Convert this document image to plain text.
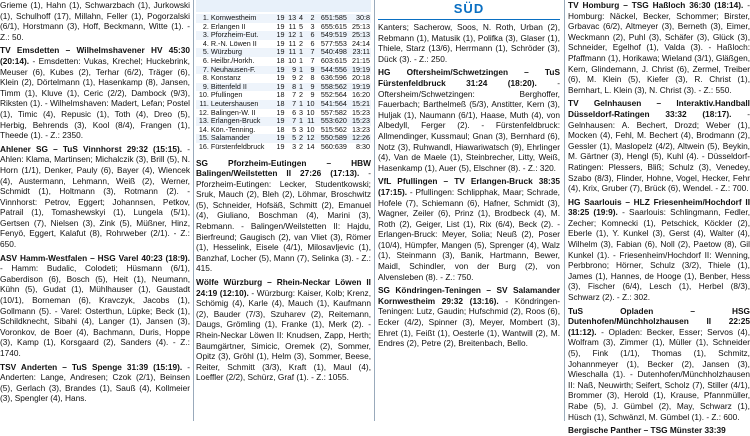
Grieme (1), Hahn (1), Schwarzbach (1), Jurkowski (1), Schulhoff (17), Millahn, Feller (1), Pogorzalski (6/1), Horstmann (3), Hoff, Beckmann, Witte (1). - Z.: 50.

TV Emsdetten – Wilhelmshavener HV 45:30 (20:14). - Emsdetten: Vukas, Krechel; Huckebrink, Meuser (6), Kubes (2), Terhar (6/2), Träger (6), Klein (2), Dörtelmann (1), Hasenkamp (8), Jansen, Timm (1), Kluve (1), Ceric (2/2), Dambock (9/3), Riksten (1). - Wilhelmshaven: Madert, Lefan; Postel (1), Timic (4), Repusic (1), Toth (4), Dreo (5), Herbig, Behrends (3), Kool (8/4), Frangen (1), Theede (1). - Z.: 2350.

Ahlener SG – TuS Vinnhorst 29:32 (15:15). - Ahlen: Klama, Martinsen; Michalczik (3), Brill (5), N. Horn (1/1), Denker, Pauly (6), Bayer (4), Wiencek (4), Austermann, Lehmann, Weiß (2), Werner, Schmidt (1), Holtmann (3), Rotmann (2). - Vinnhorst: Petrov, Eggert; Johannsen, Petkov, Patrail (1), Tomashewskyi (1), Lungela (5/1), Gertsen (7), Nielsen (3), Zink (5), Müßner, Hinz, Fenyö, Eggert, Kalafut (8), Rohrweber (2/1). - Z.: 650.

ASV Hamm-Westfalen – HSG Varel 40:23 (18:9). - Hamm: Budalic, Colodeti; Hüsmann (6/1), Gaberdison (6), Bosch (5), Heit (1), Neumann, Kühn (5), Gudat (1), Mühlhauser (1), Gaustadt (10/1), Borneman (6), Kravczyk, Jacobs (1), Gollmann (5). - Varel: Osterthun, Lüpke; Beck (1), Schildknecht, Sibahi (4), Langer (1), Jansen (3), Voronkov, de Boer (4), Bachmann, Duris, Hoppe (3), Kamp (1), Korsgaard (2), Sanders (4). - Z.: 1740.

TSV Anderten – TuS Spenge 31:39 (15:19). - Anderten: Lange, Andresen; Czok (2/1), Beinsen (5), Gerlach (3), Brandes (1), Sauß (4), Kollmeier (3), Spengler (4), Hans.

1.	Kornwestheim	19	13	4	2	651:585	30:8
2.	Erlangen II	19	11	5	3	655:615	25:13
3.	Pforzheim-Eut.	19	12	1	6	549:519	25:13
4.	R.-N. Löwen II	19	11	2	6	577:553	24:14
5.	Würzburg	19	11	1	7	540:498	23:11
6.	Heilbr./Horkh.	18	10	1	7	603:615	21:15
7.	Neuhausen-F.	19	9	1	9	544:556	19:19
8.	Konstanz	19	9	2	8	636:596	20:18
9.	Bittenfeld II	19	8	1	9	558:562	19:19
10.	Pfullingen	18	7	2	9	552:564	16:20
11.	Leutershausen	18	7	1	10	541:564	15:21
12.	Balingen-W. II	19	6	3	10	557:582	15:23
13.	Erlangen-Bruck	19	7	1	11	553:620	15:23
14.	Kön.-Tenning.	18	5	3	10	515:562	13:23
15.	Salamander	19	5	2	12	550:589	12:26
16.	Fürstenfeldbruck	19	3	2	14	560:639	8:30

SG Pforzheim-Eutingen – HBW Balingen/Weilstetten II 27:26 (17:13). - Pforzheim-Eutingen: Lecker, Studentkowski; Sruk, Mauch (2), Bleh (2), Löhmar, Broschwitz (5), Schneider, Hofsäß, Schmitt (2), Emanuel (4), Giuliano, Boschman (4), Marini (3), Rebmann. - Balingen/Weilstetten II: Hajdu, Bierfreund; Gaugisch (2), van Vliet (3), Römer (1), Hesselink, Eisele (4/1), Milosavljevic (1), Banzhaf, Locher (5), Mann (7), Selinka (3). - Z.: 415.

Wölfe Würzburg – Rhein-Neckar Löwen II 24:19 (12:10). - Würzburg: Kaiser, Kolb; Krenz, Schömig (4), Karle (4), Mauch (1), Kaufmann (2), Bauder (7/3), Szuharev (2), Reitemann, Daugs, Grömling (1), Franke (1), Merk (2). - Rhein-Neckar Löwen II: Knudsen, Zapp, Herth; Baumgärtner, Simicic, Oremek (2), Sommer, Opitz (3), Gröhl (1), Helm (3), Sommer, Beese, Reiter, Schmitt (3/3), Kraft (1), Maul (4), Loeffler (2/2), Schürz, Graf (1). - Z.: 1055.

SÜD

Kanters; Sacherow, Soos, N. Roth, Urban (2), Rebmann (1), Matusik (1), Polifka (3), Glaser (1), Thiele, Starz (13/6), Herrmann (1), Schröder (3), Dück (3). - Z.: 250.

HG Oftersheim/Schwetzingen – TuS Fürstenfeldbruck 31:24 (18:20). - Oftersheim/Schwetzingen: Berghoffer, Fauerbach; Barthelmeß (5/3), Anstitter, Kern (3), Huljak (1), Naumann (6/1), Haase, Muth (4), von Albedyll, Ferger (2). - Fürstenfeldbruck: Allmendinger, Kussmaul; Gnan (3), Bernhard (6), Notz (3), Ruhwandl, Hiawariwatsch (9), Ehrlinger (4), Van de Maele (1), Steinbrecher, Litty, Weiß, Hasenkamp (1), Auer (5), Elschner (8). - Z.: 320.

VfL Pfullingen – TV Erlangen-Bruck 38:35 (17:15). - Pfullingen: Schlipphak, Maar; Schrade, Hofele (7), Schiemann (6), Hafner, Schmidt (3), Wagner, Zeiler (6), Prinz (1), Brodbeck (4), M. Roth (2), Geiger, List (1), Rix (6/4), Beck (2). - Erlangen-Bruck: Meyer, Solia; Neuß (2), Poser (10/4), Hümpfer, Mangen (5), Sprenger (4), Walz (1), Steinmann (3), Banik, Hartmann, Bewer, Maidl, Schindler, von der Burg (2), von Alvensleben (8). - Z.: 750.

SG Köndringen-Teningen – SV Salamander Kornwestheim 29:32 (13:16). - Köndringen-Teningen: Lutz, Gaudin; Hufschmid (2), Roos (6), Ecker (4/2), Spinner (3), Meyer, Mombert (3), Ehret (1), Feißt (1), Oesterle (1), Wantwill (2), M. Endres (2), Petre (2), Breitenbach, Bello.

TV Homburg – TSG Haßloch 36:30 (18:14). - Homburg: Näckel, Becker, Schommer; Birster, Grbavac (6/2), Altmeyer (3), Berneth (3), Eimer, Weckmann (2), Puhl (3), Schäfer (3), Glück (3), Schneider, Egelhof (1), Valda (3). - Haßloch: Pfaffmann (1), Horikawa; Wieland (3/1), Gläßgen, Kern, Glindemann, J. Christ (6), Zermel, Treiber (6), M. Klein (5), Kiefer (3), R. Christ (1), Bernhart, L. Klein (3), N. Christ (3). - Z.: 550.

TV Gelnhausen – Interaktiv.Handball Düsseldorf-Ratingen 33:32 (18:17). - Gelnhausen: A. Bechert, Drozd; Weber (1), Mocken (4), Fehl, M. Bechert (4), Brodmann (2), Gessler (1), Maslopelz (4/2), Altwein (5), Beykin, M. Gärtner (3), Hengl (5), Kuhl (4). - Düsseldorf-Ratingen: Plessers, Bliß; Schulz (3), Venedey, Szabo (8/3), Flinder, Hohne, Vogel, Hecker, Fehr (4), Krix, Gruber (7), Brück (6), Wendel. - Z.: 700.

HG Saarlouis – HLZ Friesenheim/Hochdorf II 38:25 (19:9). - Saarlouis: Schlingmann, Fedler, Zecher; Komnecki (1), Petschick, Köckler (2), Eberle (1), Y. Kunkel (3), Gerst (4), Walter (4), Wilhelm (3), Fabian (6), Noll (2), Paetow (8), Gil Kunkel (1). - Friesenheim/Hochdorf II: Wenning, Perbbrono; Hörner, Schulz (3/2), Thiele (1), James (1), Hannes, de Hooge (1), Benber, Hess (3), Fischer (6/4), Lesch (1), Herbel (8/3), Schwarz (2). - Z.: 302.

TuS Opladen – HSG Dutenhofen/Münchholzhausen II 22:25 (11:12). - Opladen: Becker, Esser; Servos (4), Wolfram (3), Zimmer (1), Müller (1), Schneider (5), Fink (1/1), Thomas (1), Schmitz, Johannmeyer (1), Becker (2), Jansen (3), Wieschalla (1). - Dutenhofen/Münchholzhausen II: Naß, Neuwirth; Seifert, Scholz (7), Stiller (4/1), Brommer (3), Herold (1), Krause, Pfannmüller, Rabe (5), J. Gümbel (2), May, Schwarz (1), Hüsch (1), Schwänzl, M. Gümbel (1). - Z.: 600.

Bergische Panther – TSG Münster 33:39
